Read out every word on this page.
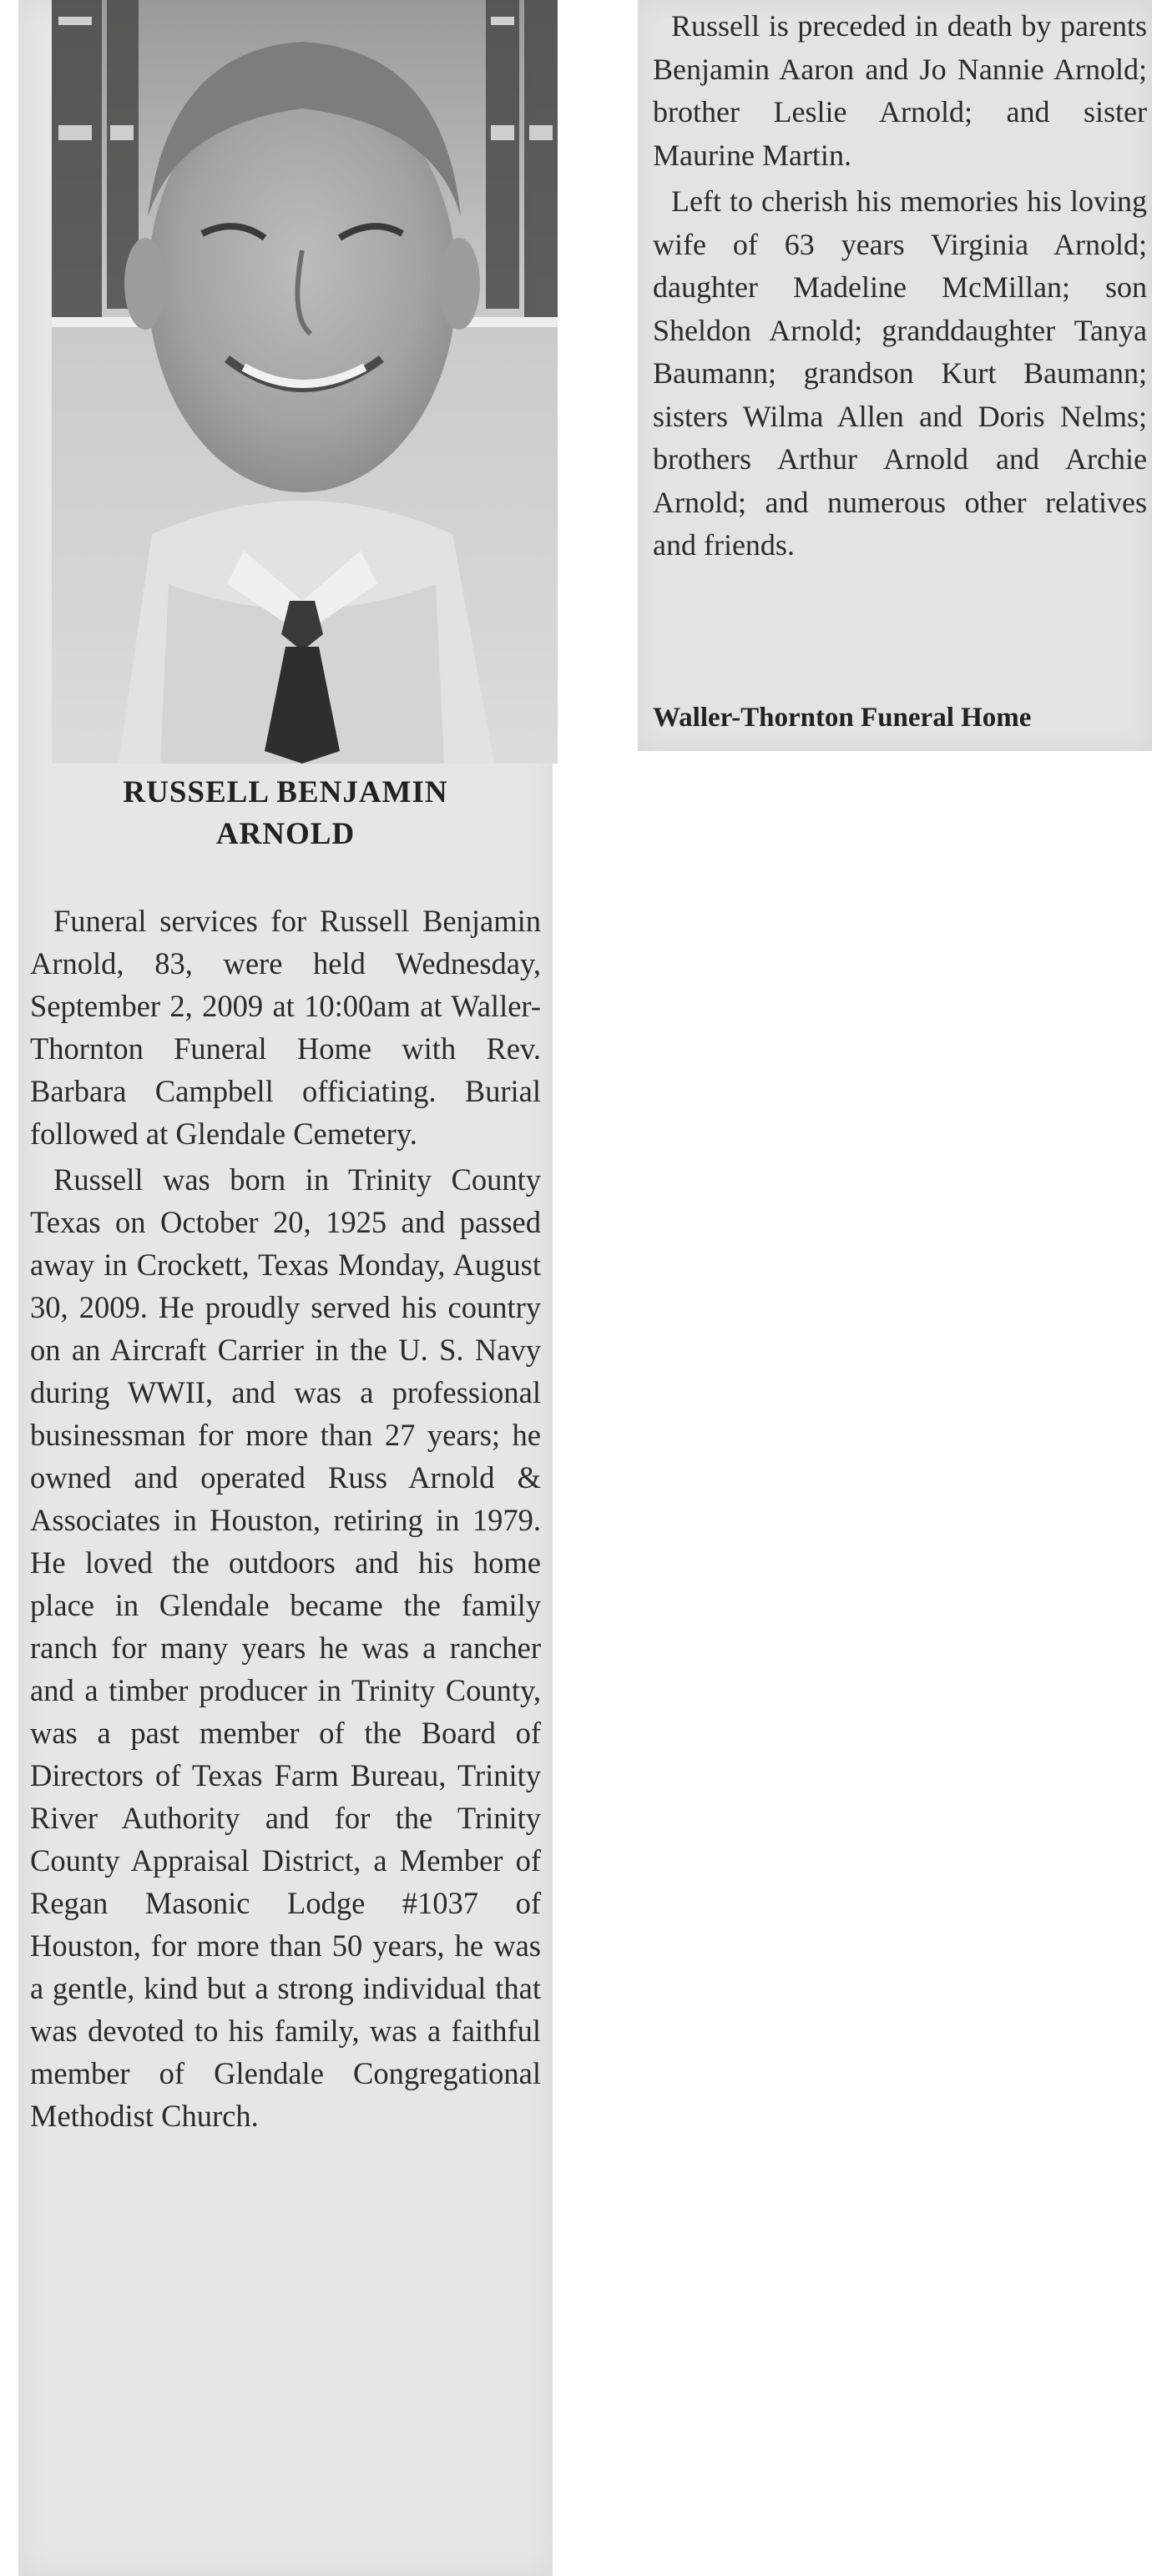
RUSSELL BENJAMIN
ARNOLD

Funeral services for Russell Benjamin Arnold, 83, were held Wednesday, September 2, 2009 at 10:00am at Waller-Thornton Funeral Home with Rev. Barbara Campbell officiating. Burial followed at Glendale Cemetery.

Russell was born in Trinity County Texas on October 20, 1925 and passed away in Crockett, Texas Monday, August 30, 2009. He proudly served his country on an Aircraft Carrier in the U. S. Navy during WWII, and was a professional businessman for more than 27 years; he owned and operated Russ Arnold & Associates in Houston, retiring in 1979. He loved the outdoors and his home place in Glendale became the family ranch for many years he was a rancher and a timber producer in Trinity County, was a past member of the Board of Directors of Texas Farm Bureau, Trinity River Authority and for the Trinity County Appraisal District, a Member of Regan Masonic Lodge #1037 of Houston, for more than 50 years, he was a gentle, kind but a strong individual that was devoted to his family, was a faithful member of Glendale Congregational Methodist Church.

Russell is preceded in death by parents Benjamin Aaron and Jo Nannie Arnold; brother Leslie Arnold; and sister Maurine Martin.

Left to cherish his memories his loving wife of 63 years Virginia Arnold; daughter Madeline McMillan; son Sheldon Arnold; granddaughter Tanya Baumann; grandson Kurt Baumann; sisters Wilma Allen and Doris Nelms; brothers Arthur Arnold and Archie Arnold; and numerous other relatives and friends.

Waller-Thornton Funeral Home
